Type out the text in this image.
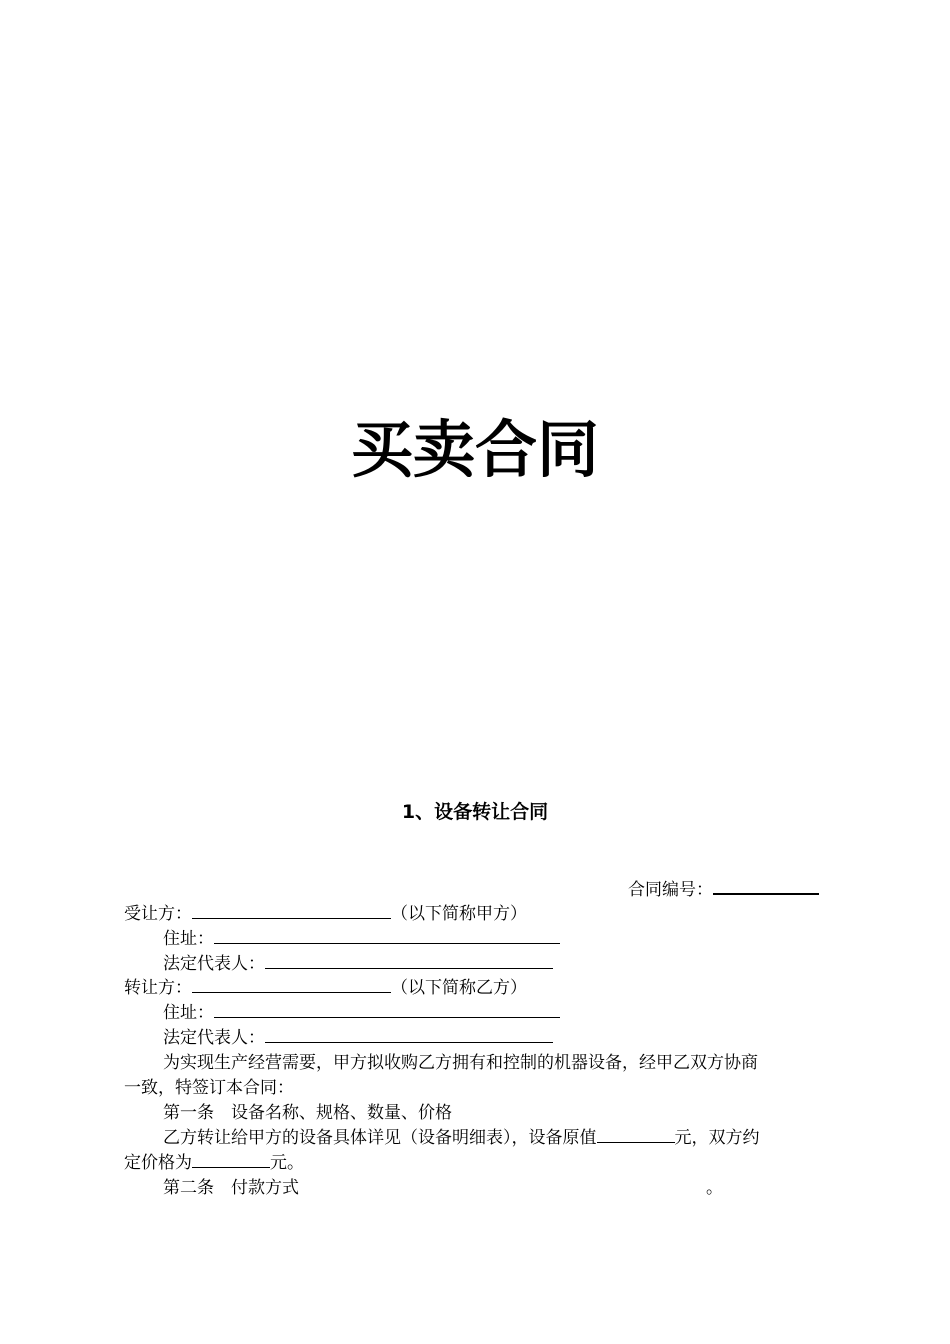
买卖合同
1、设备转让合同
合同编号：
受让方：	（以下简称甲方）
住址：
法定代表人：
转让方：	（以下简称乙方）
住址：
法定代表人：
为实现生产经营需要，甲方拟收购乙方拥有和控制的机器设备，经甲乙双方协商
一致，特签订本合同：
第一条　设备名称、规格、数量、价格
乙方转让给甲方的设备具体详见（设备明细表），设备原值	元，双方约
定价格为	元。
第二条　付款方式	。
